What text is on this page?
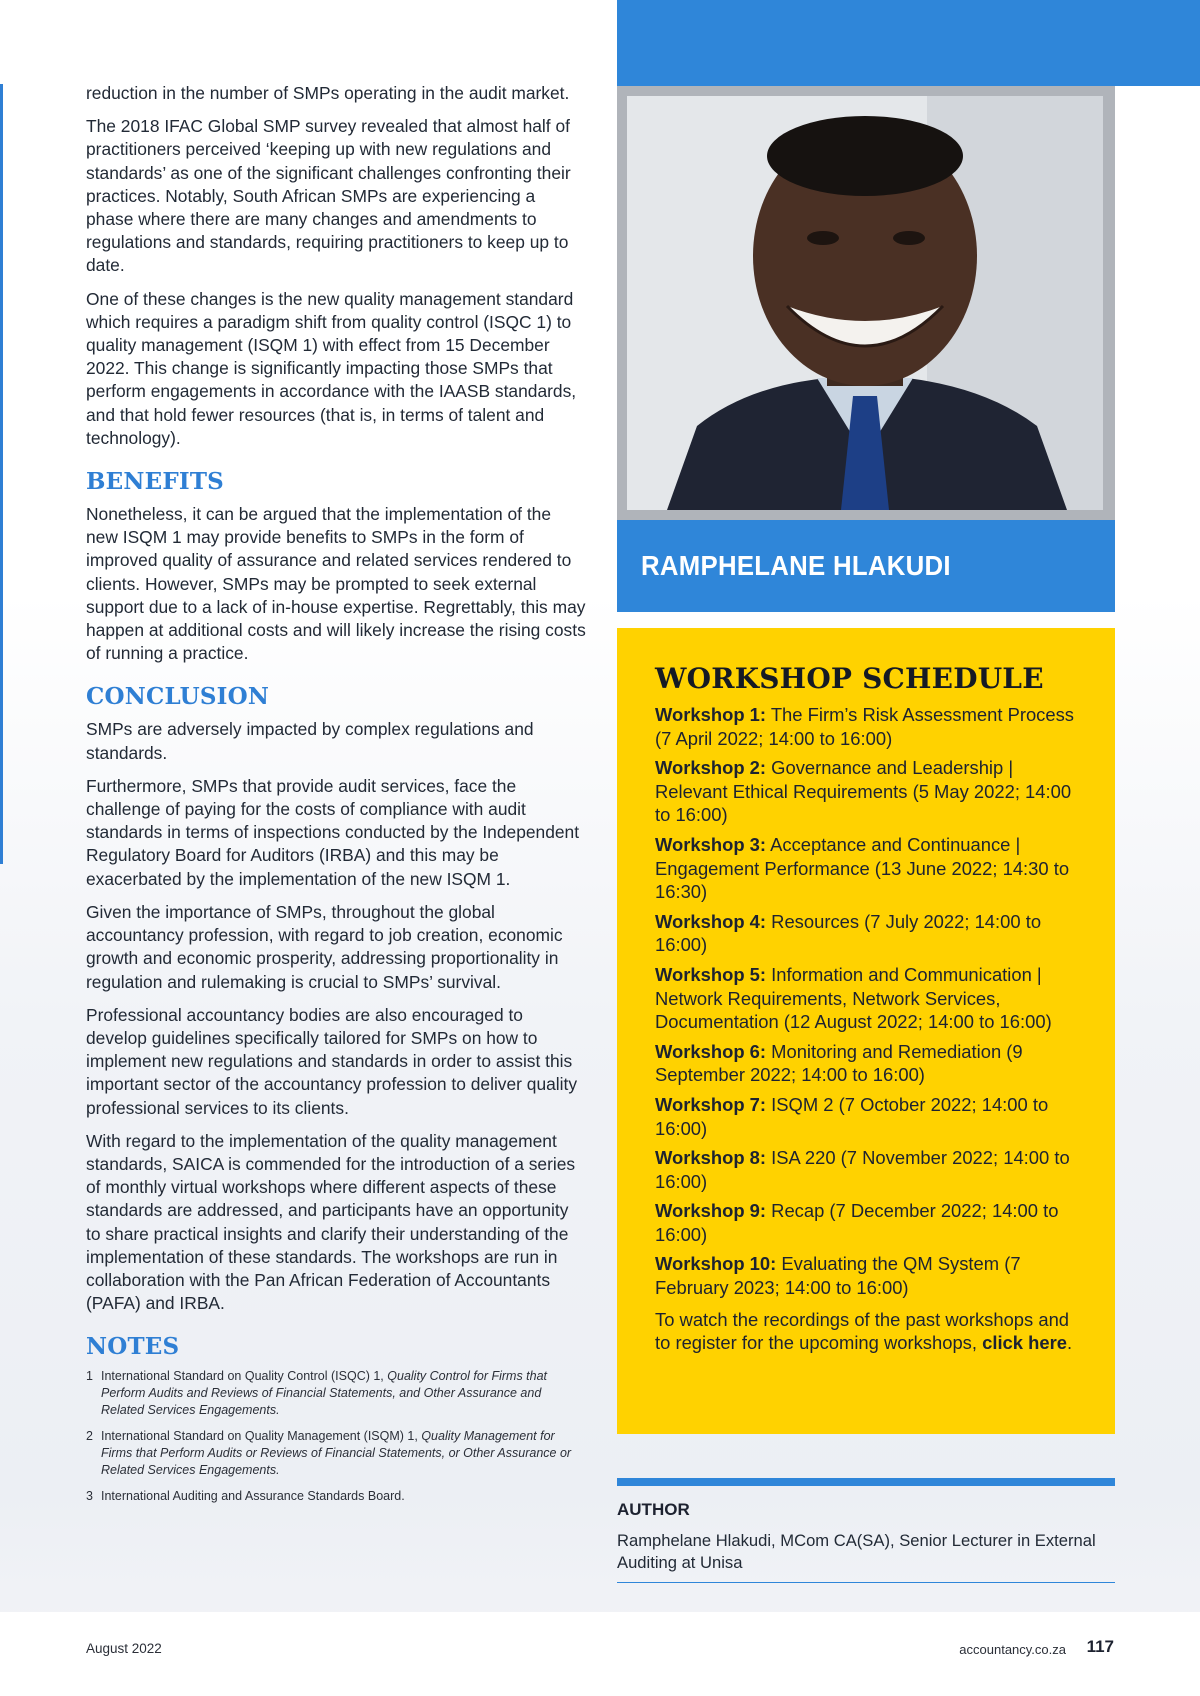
reduction in the number of SMPs operating in the audit market.

The 2018 IFAC Global SMP survey revealed that almost half of practitioners perceived ‘keeping up with new regulations and standards’ as one of the significant challenges confronting their practices. Notably, South African SMPs are experiencing a phase where there are many changes and amendments to regulations and standards, requiring practitioners to keep up to date.

One of these changes is the new quality management standard which requires a paradigm shift from quality control (ISQC 1) to quality management (ISQM 1) with effect from 15 December 2022. This change is significantly impacting those SMPs that perform engagements in accordance with the IAASB standards, and that hold fewer resources (that is, in terms of talent and technology).

BENEFITS

Nonetheless, it can be argued that the implementation of the new ISQM 1 may provide benefits to SMPs in the form of improved quality of assurance and related services rendered to clients. However, SMPs may be prompted to seek external support due to a lack of in-house expertise. Regrettably, this may happen at additional costs and will likely increase the rising costs of running a practice.

CONCLUSION

SMPs are adversely impacted by complex regulations and standards.

Furthermore, SMPs that provide audit services, face the challenge of paying for the costs of compliance with audit standards in terms of inspections conducted by the Independent Regulatory Board for Auditors (IRBA) and this may be exacerbated by the implementation of the new ISQM 1.

Given the importance of SMPs, throughout the global accountancy profession, with regard to job creation, economic growth and economic prosperity, addressing proportionality in regulation and rulemaking is crucial to SMPs’ survival.

Professional accountancy bodies are also encouraged to develop guidelines specifically tailored for SMPs on how to implement new regulations and standards in order to assist this important sector of the accountancy profession to deliver quality professional services to its clients.

With regard to the implementation of the quality management standards, SAICA is commended for the introduction of a series of monthly virtual workshops where different aspects of these standards are addressed, and participants have an opportunity to share practical insights and clarify their understanding of the implementation of these standards. The workshops are run in collaboration with the Pan African Federation of Accountants (PAFA) and IRBA.

NOTES
1 International Standard on Quality Control (ISQC) 1, Quality Control for Firms that Perform Audits and Reviews of Financial Statements, and Other Assurance and Related Services Engagements.
2 International Standard on Quality Management (ISQM) 1, Quality Management for Firms that Perform Audits or Reviews of Financial Statements, or Other Assurance or Related Services Engagements.
3 International Auditing and Assurance Standards Board.
RAMPHELANE HLAKUDI
WORKSHOP SCHEDULE

Workshop 1: The Firm’s Risk Assessment Process (7 April 2022; 14:00 to 16:00)

Workshop 2: Governance and Leadership | Relevant Ethical Requirements (5 May 2022; 14:00 to 16:00)

Workshop 3: Acceptance and Continuance | Engagement Performance (13 June 2022; 14:30 to 16:30)

Workshop 4: Resources (7 July 2022; 14:00 to 16:00)

Workshop 5: Information and Communication | Network Requirements, Network Services, Documentation (12 August 2022; 14:00 to 16:00)

Workshop 6: Monitoring and Remediation (9 September 2022; 14:00 to 16:00)

Workshop 7: ISQM 2 (7 October 2022; 14:00 to 16:00)

Workshop 8: ISA 220 (7 November 2022; 14:00 to 16:00)

Workshop 9: Recap (7 December 2022; 14:00 to 16:00)

Workshop 10: Evaluating the QM System (7 February 2023; 14:00 to 16:00)

To watch the recordings of the past workshops and to register for the upcoming workshops, click here.

AUTHOR
Ramphelane Hlakudi, MCom CA(SA), Senior Lecturer in External Auditing at Unisa
August 2022	accountancy.co.za 117
